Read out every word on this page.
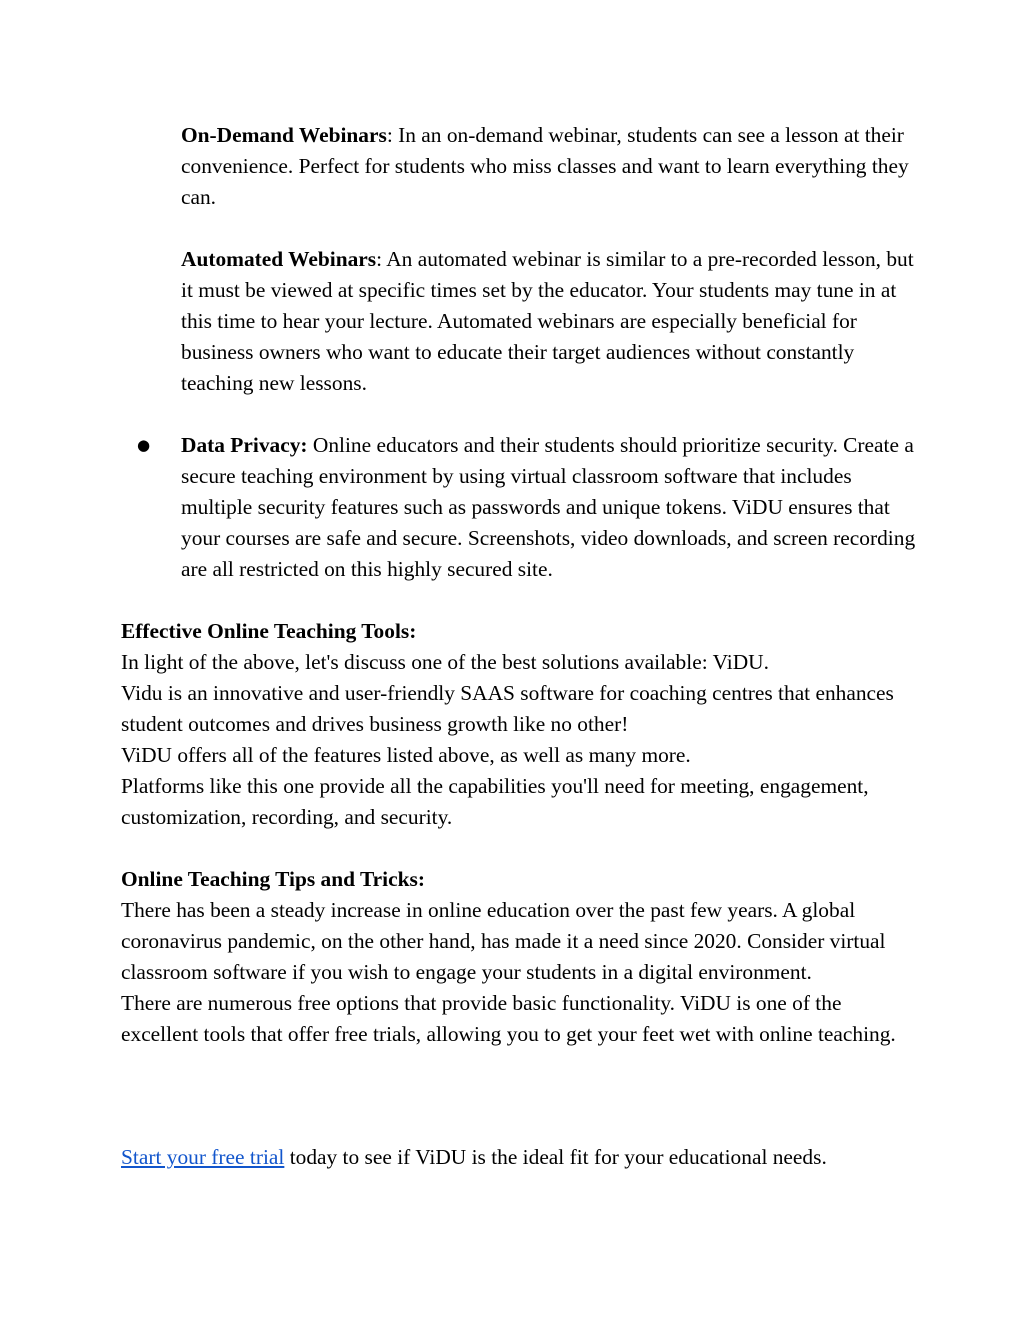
On-Demand Webinars: In an on-demand webinar, students can see a lesson at their convenience. Perfect for students who miss classes and want to learn everything they can.

Automated Webinars: An automated webinar is similar to a pre-recorded lesson, but it must be viewed at specific times set by the educator. Your students may tune in at this time to hear your lecture. Automated webinars are especially beneficial for business owners who want to educate their target audiences without constantly teaching new lessons.

●	Data Privacy: Online educators and their students should prioritize security. Create a secure teaching environment by using virtual classroom software that includes multiple security features such as passwords and unique tokens. ViDU ensures that your courses are safe and secure. Screenshots, video downloads, and screen recording are all restricted on this highly secured site.

Effective Online Teaching Tools:

In light of the above, let's discuss one of the best solutions available: ViDU.

Vidu is an innovative and user-friendly SAAS software for coaching centres that enhances student outcomes and drives business growth like no other!

ViDU offers all of the features listed above, as well as many more.

Platforms like this one provide all the capabilities you'll need for meeting, engagement, customization, recording, and security.

Online Teaching Tips and Tricks:

There has been a steady increase in online education over the past few years. A global coronavirus pandemic, on the other hand, has made it a need since 2020. Consider virtual classroom software if you wish to engage your students in a digital environment.

There are numerous free options that provide basic functionality. ViDU is one of the excellent tools that offer free trials, allowing you to get your feet wet with online teaching.

Start your free trial today to see if ViDU is the ideal fit for your educational needs.
